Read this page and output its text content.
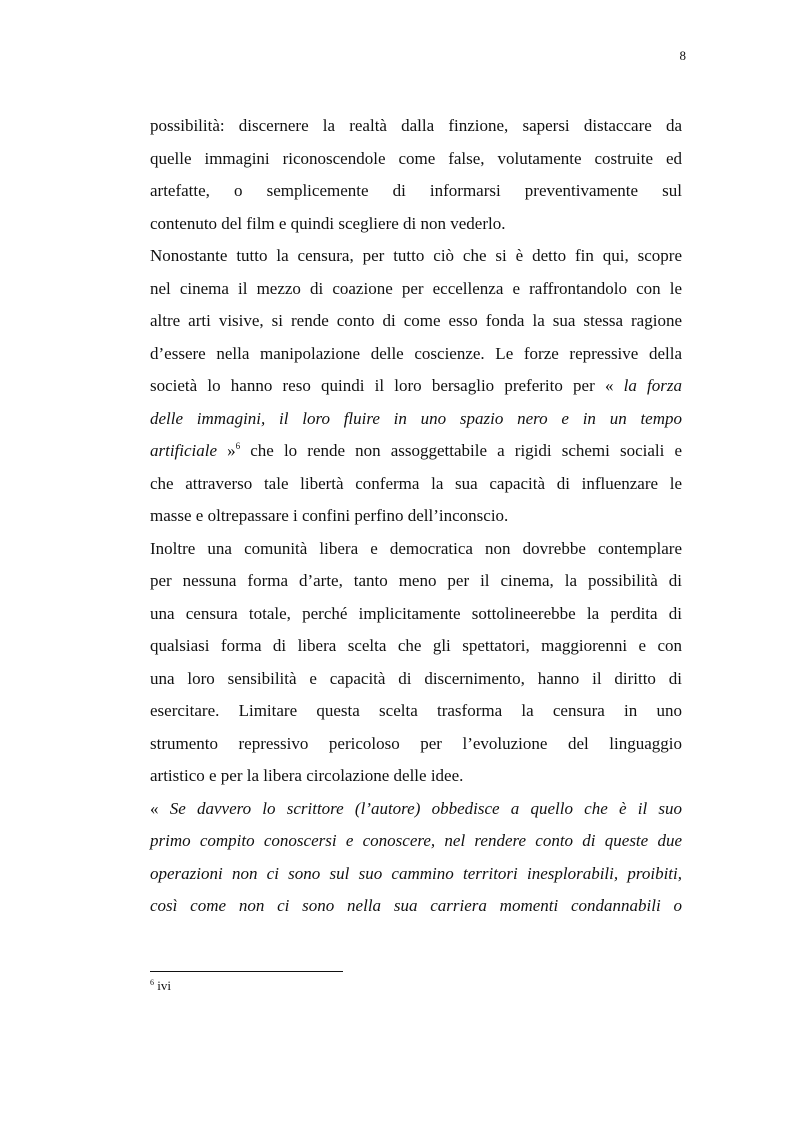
8
possibilità: discernere la realtà dalla finzione, sapersi distaccare da
quelle immagini riconoscendole come false, volutamente costruite ed
artefatte, o semplicemente di informarsi preventivamente sul
contenuto del film e quindi scegliere di non vederlo.
Nonostante tutto la censura, per tutto ciò che si è detto fin qui, scopre
nel cinema il mezzo di coazione per eccellenza e raffrontandolo con le
altre arti visive, si rende conto di come esso fonda la sua stessa ragione
d’essere nella manipolazione delle coscienze. Le forze repressive della
società lo hanno reso quindi il loro bersaglio preferito per « la forza
delle immagini, il loro fluire in uno spazio nero e in un tempo
artificiale »$^6$ che lo rende non assoggettabile a rigidi schemi sociali e
che attraverso tale libertà conferma la sua capacità di influenzare le
masse e oltrepassare i confini perfino dell’inconscio.
Inoltre una comunità libera e democratica non dovrebbe contemplare
per nessuna forma d’arte, tanto meno per il cinema, la possibilità di
una censura totale, perché implicitamente sottolineerebbe la perdita di
qualsiasi forma di libera scelta che gli spettatori, maggiorenni e con
una loro sensibilità e capacità di discernimento, hanno il diritto di
esercitare. Limitare questa scelta trasforma la censura in uno
strumento repressivo pericoloso per l’evoluzione del linguaggio
artistico e per la libera circolazione delle idee.
« Se davvero lo scrittore (l’autore) obbedisce a quello che è il suo
primo compito conoscersi e conoscere, nel rendere conto di queste due
operazioni non ci sono sul suo cammino territori inesplorabili, proibiti,
così come non ci sono nella sua carriera momenti condannabili o
$^6$ ivi
